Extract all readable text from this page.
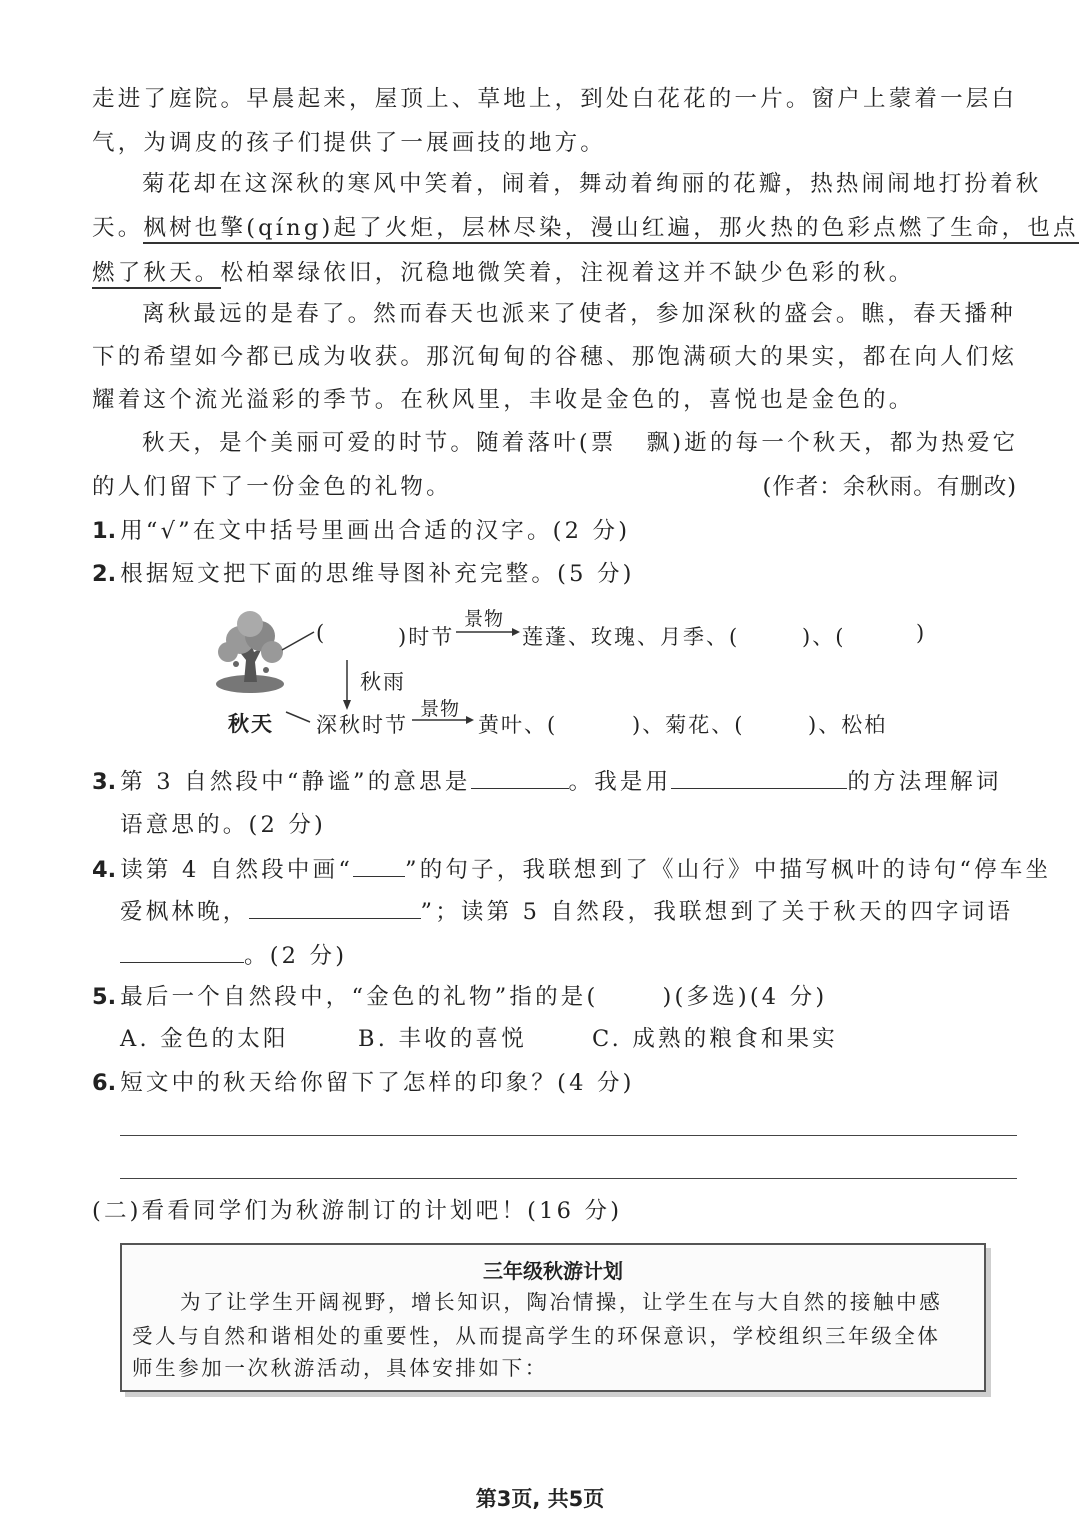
走进了庭院。早晨起来，屋顶上、草地上，到处白花花的一片。窗户上蒙着一层白
气，为调皮的孩子们提供了一展画技的地方。
菊花却在这深秋的寒风中笑着，闹着，舞动着绚丽的花瓣，热热闹闹地打扮着秋
天。枫树也擎(qíng)起了火炬，层林尽染，漫山红遍，那火热的色彩点燃了生命，也点
燃了秋天。松柏翠绿依旧，沉稳地微笑着，注视着这并不缺少色彩的秋。
离秋最远的是春了。然而春天也派来了使者，参加深秋的盛会。瞧，春天播种
下的希望如今都已成为收获。那沉甸甸的谷穗、那饱满硕大的果实，都在向人们炫
耀着这个流光溢彩的季节。在秋风里，丰收是金色的，喜悦也是金色的。
秋天，是个美丽可爱的时节。随着落叶(票 飘)逝的每一个秋天，都为热爱它
的人们留下了一份金色的礼物。	(作者：余秋雨。有删改)
1. 用“√”在文中括号里画出合适的汉字。(2 分)
2. 根据短文把下面的思维导图补充完整。(5 分)
(	)时节
景物
莲蓬、玫瑰、月季、(	)、(	)
秋雨
秋天 深秋时节
景物
黄叶、(	)、菊花、(	)、松柏
3. 第 3 自然段中“静谧”的意思是	。我是用	的方法理解词
语意思的。(2 分)
4. 读第 4 自然段中画“ ”的句子，我联想到了《山行》中描写枫叶的诗句“停车坐
爱枫林晚，	”；读第 5 自然段，我联想到了关于秋天的四字词语
。(2 分)
5. 最后一个自然段中，“金色的礼物”指的是(	)(多选)(4 分)
A. 金色的太阳	B. 丰收的喜悦	C. 成熟的粮食和果实
6. 短文中的秋天给你留下了怎样的印象？(4 分)
(二)看看同学们为秋游制订的计划吧！(16 分)
三年级秋游计划
为了让学生开阔视野，增长知识，陶冶情操，让学生在与大自然的接触中感
受人与自然和谐相处的重要性，从而提高学生的环保意识，学校组织三年级全体
师生参加一次秋游活动，具体安排如下：
第3页, 共5页
